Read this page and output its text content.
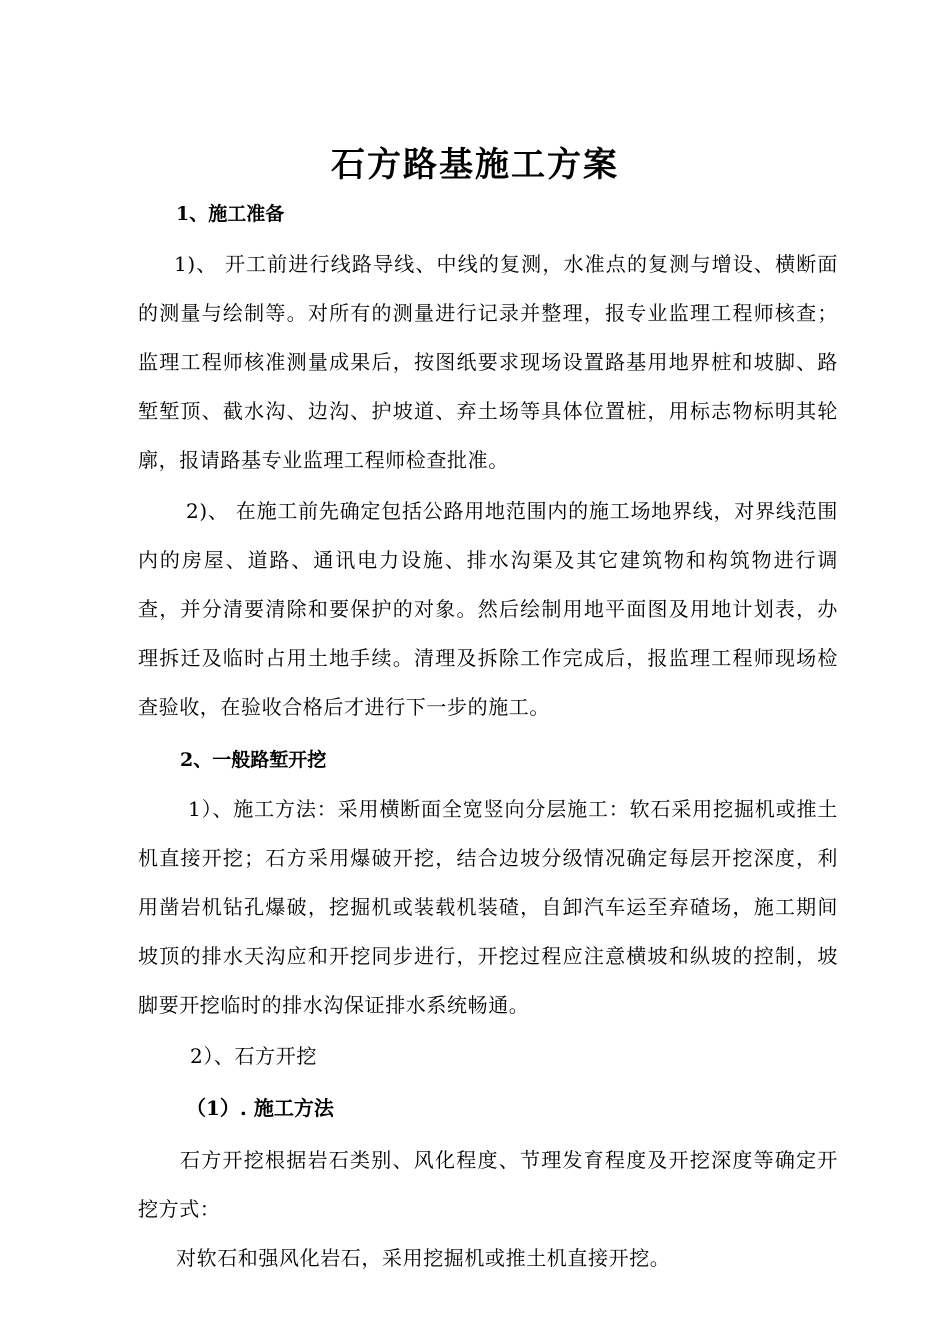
石方路基施工方案
1、施工准备
1)、 开工前进行线路导线、中线的复测，水准点的复测与增设、横断面的测量与绘制等。对所有的测量进行记录并整理，报专业监理工程师核查；监理工程师核准测量成果后，按图纸要求现场设置路基用地界桩和坡脚、路堑堑顶、截水沟、边沟、护坡道、弃土场等具体位置桩，用标志物标明其轮廓，报请路基专业监理工程师检查批准。
2)、 在施工前先确定包括公路用地范围内的施工场地界线，对界线范围内的房屋、道路、通讯电力设施、排水沟渠及其它建筑物和构筑物进行调查，并分清要清除和要保护的对象。然后绘制用地平面图及用地计划表，办理拆迁及临时占用土地手续。清理及拆除工作完成后，报监理工程师现场检查验收，在验收合格后才进行下一步的施工。
2、一般路堑开挖
1）、施工方法：采用横断面全宽竖向分层施工：软石采用挖掘机或推土机直接开挖；石方采用爆破开挖，结合边坡分级情况确定每层开挖深度，利用凿岩机钻孔爆破，挖掘机或装载机装碴，自卸汽车运至弃碴场，施工期间坡顶的排水天沟应和开挖同步进行，开挖过程应注意横坡和纵坡的控制，坡脚要开挖临时的排水沟保证排水系统畅通。
2）、石方开挖
（1）. 施工方法
石方开挖根据岩石类别、风化程度、节理发育程度及开挖深度等确定开挖方式：
对软石和强风化岩石，采用挖掘机或推土机直接开挖。
